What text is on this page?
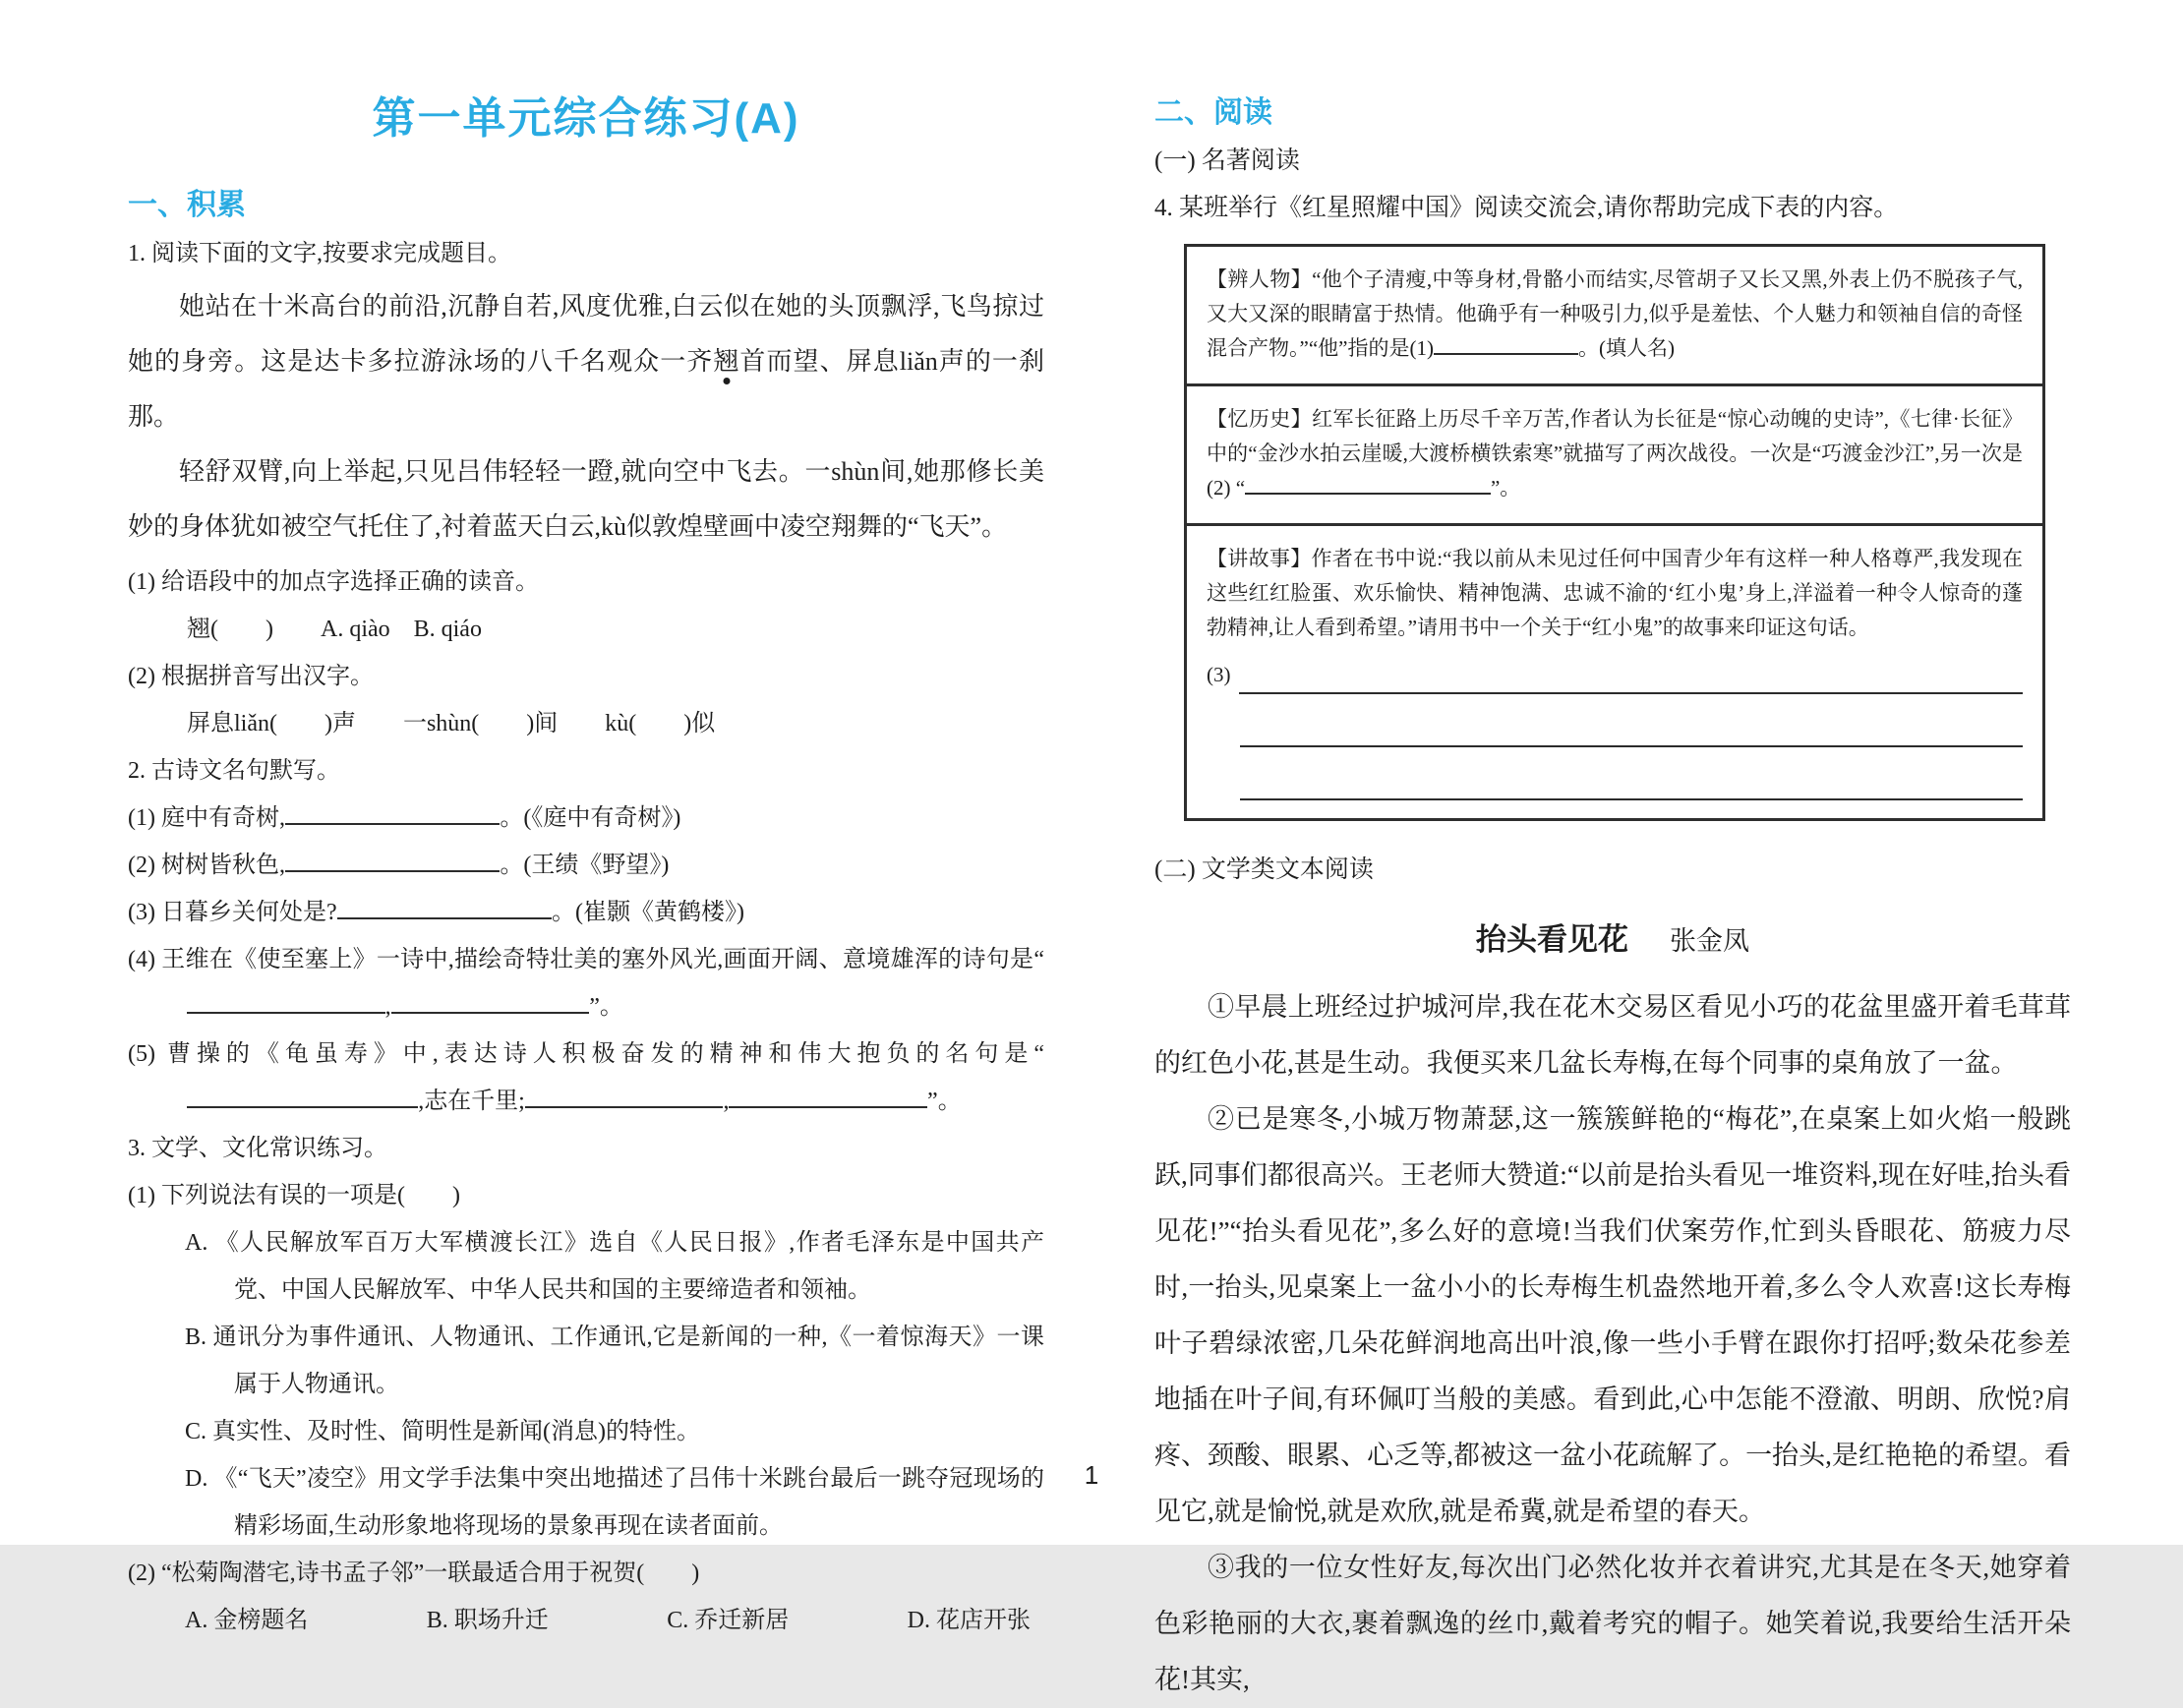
第一单元综合练习(A)
一、积累
1. 阅读下面的文字,按要求完成题目。

她站在十米高台的前沿,沉静自若,风度优雅,白云似在她的头顶飘浮,飞鸟掠过她的身旁。这是达卡多拉游泳场的八千名观众一齐翘首而望、屏息liǎn声的一刹那。

轻舒双臂,向上举起,只见吕伟轻轻一蹬,就向空中飞去。一shùn间,她那修长美妙的身体犹如被空气托住了,衬着蓝天白云,kù似敦煌壁画中凌空翔舞的“飞天”。

(1) 给语段中的加点字选择正确的读音。
翘(　　)　　A. qiào　B. qiáo
(2) 根据拼音写出汉字。
屏息liǎn(　　)声　　一shùn(　　)间　　kù(　　)似
2. 古诗文名句默写。
(1) 庭中有奇树,	。(《庭中有奇树》)
(2) 树树皆秋色,	。(王绩《野望》)
(3) 日暮乡关何处是?	。(崔颢《黄鹤楼》)
(4) 王维在《使至塞上》一诗中,描绘奇特壮美的塞外风光,画面开阔、意境雄浑的诗句是“,	”。
(5) 曹操的《龟虽寿》中,表达诗人积极奋发的精神和伟大抱负的名句是“,志在千里;	,	”。
3. 文学、文化常识练习。
(1) 下列说法有误的一项是(　　)
A. 《人民解放军百万大军横渡长江》选自《人民日报》,作者毛泽东是中国共产党、中国人民解放军、中华人民共和国的主要缔造者和领袖。
B. 通讯分为事件通讯、人物通讯、工作通讯,它是新闻的一种,《一着惊海天》一课属于人物通讯。
C. 真实性、及时性、简明性是新闻(消息)的特性。
D. 《“飞天”凌空》用文学手法集中突出地描述了吕伟十米跳台最后一跳夺冠现场的精彩场面,生动形象地将现场的景象再现在读者面前。
(2) “松菊陶潜宅,诗书孟子邻”一联最适合用于祝贺(　　)
A. 金榜题名	B. 职场升迁	C. 乔迁新居	D. 花店开张
二、阅读
(一) 名著阅读
4. 某班举行《红星照耀中国》阅读交流会,请你帮助完成下表的内容。
【辨人物】“他个子清瘦,中等身材,骨骼小而结实,尽管胡子又长又黑,外表上仍不脱孩子气,又大又深的眼睛富于热情。他确乎有一种吸引力,似乎是羞怯、个人魅力和领袖自信的奇怪混合产物。”“他”指的是(1)	。(填人名)
【忆历史】红军长征路上历尽千辛万苦,作者认为长征是“惊心动魄的史诗”,《七律·长征》中的“金沙水拍云崖暖,大渡桥横铁索寒”就描写了两次战役。一次是“巧渡金沙江”,另一次是(2) “	”。
【讲故事】作者在书中说:“我以前从未见过任何中国青少年有这样一种人格尊严,我发现在这些红红脸蛋、欢乐愉快、精神饱满、忠诚不渝的‘红小鬼’身上,洋溢着一种令人惊奇的蓬勃精神,让人看到希望。”请用书中一个关于“红小鬼”的故事来印证这句话。
(3)
(二) 文学类文本阅读
抬头看见花 张金凤

①早晨上班经过护城河岸,我在花木交易区看见小巧的花盆里盛开着毛茸茸的红色小花,甚是生动。我便买来几盆长寿梅,在每个同事的桌角放了一盆。

②已是寒冬,小城万物萧瑟,这一簇簇鲜艳的“梅花”,在桌案上如火焰一般跳跃,同事们都很高兴。王老师大赞道:“以前是抬头看见一堆资料,现在好哇,抬头看见花!”“抬头看见花”,多么好的意境!当我们伏案劳作,忙到头昏眼花、筋疲力尽时,一抬头,见桌案上一盆小小的长寿梅生机盎然地开着,多么令人欢喜!这长寿梅叶子碧绿浓密,几朵花鲜润地高出叶浪,像一些小手臂在跟你打招呼;数朵花参差地插在叶子间,有环佩叮当般的美感。看到此,心中怎能不澄澈、明朗、欣悦?肩疼、颈酸、眼累、心乏等,都被这一盆小花疏解了。一抬头,是红艳艳的希望。看见它,就是愉悦,就是欢欣,就是希冀,就是希望的春天。

③我的一位女性好友,每次出门必然化妆并衣着讲究,尤其是在冬天,她穿着色彩艳丽的大衣,裹着飘逸的丝巾,戴着考究的帽子。她笑着说,我要给生活开朵花!其实,

1
